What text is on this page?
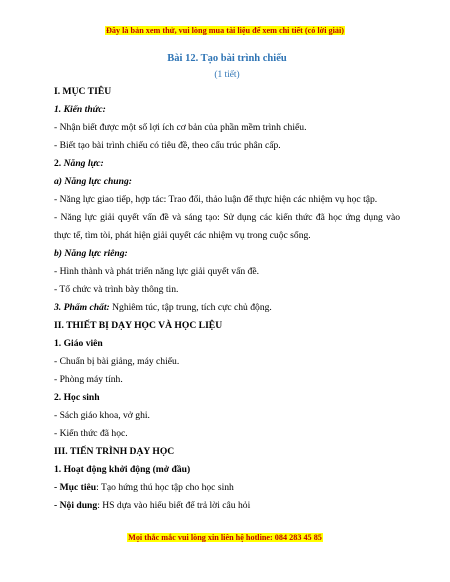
Đây là bản xem thử, vui lòng mua tài liệu để xem chi tiết (có lời giải)

Bài 12. Tạo bài trình chiếu

(1 tiết)

I. MỤC TIÊU

1. Kiến thức:

- Nhận biết được một số lợi ích cơ bản của phần mềm trình chiếu.

- Biết tạo bài trình chiếu có tiêu đề, theo cấu trúc phân cấp.

2. Năng lực:

a) Năng lực chung:

- Năng lực giao tiếp, hợp tác: Trao đổi, thảo luận để thực hiện các nhiệm vụ học tập.

- Năng lực giải quyết vấn đề và sáng tạo: Sử dụng các kiến thức đã học ứng dụng vào thực tế, tìm tòi, phát hiện giải quyết các nhiệm vụ trong cuộc sống.

b) Năng lực riêng:

- Hình thành và phát triển năng lực giải quyết vấn đề.

- Tổ chức và trình bày thông tin.

3. Phẩm chất: Nghiêm túc, tập trung, tích cực chủ động.

II. THIẾT BỊ DẠY HỌC VÀ HỌC LIỆU

1. Giáo viên

- Chuẩn bị bài giảng, máy chiếu.

- Phòng máy tính.

2. Học sinh

- Sách giáo khoa, vở ghi.

- Kiến thức đã học.

III. TIẾN TRÌNH DẠY HỌC

1. Hoạt động khởi động (mở đầu)

- Mục tiêu: Tạo hứng thú học tập cho học sinh

- Nội dung: HS dựa vào hiểu biết để trả lời câu hỏi

Mọi thắc mắc vui lòng xin liên hệ hotline: 084 283 45 85
